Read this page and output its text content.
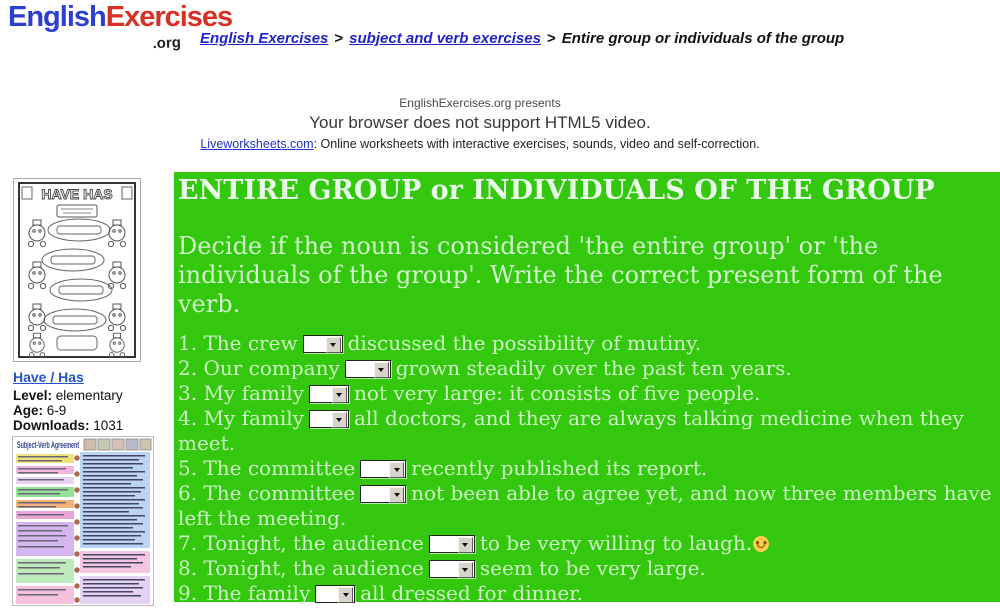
EnglishExercises
.org	English Exercises > subject and verb exercises > Entire group or individuals of the group
EnglishExercises.org presents
Your browser does not support HTML5 video.
Liveworksheets.com: Online worksheets with interactive exercises, sounds, video and self-correction.
HAVE HAS
Have / Has
Level: elementary
Age: 6-9
Downloads: 1031
Subject-Verb Agreement
ENTIRE GROUP or INDIVIDUALS OF THE GROUP

Decide if the noun is considered 'the entire group' or 'the individuals of the group'. Write the correct present form of the verb.

1. The crew	discussed the possibility of mutiny.

2. Our company	grown steadily over the past ten years.

3. My family	not very large: it consists of five people.

4. My family	all doctors, and they are always talking medicine when they meet.

5. The committee	recently published its report.

6. The committee	not been able to agree yet, and now three members have left the meeting.

7. Tonight, the audience	to be very willing to laugh.

8. Tonight, the audience	seem to be very large.

9. The family	all dressed for dinner.
